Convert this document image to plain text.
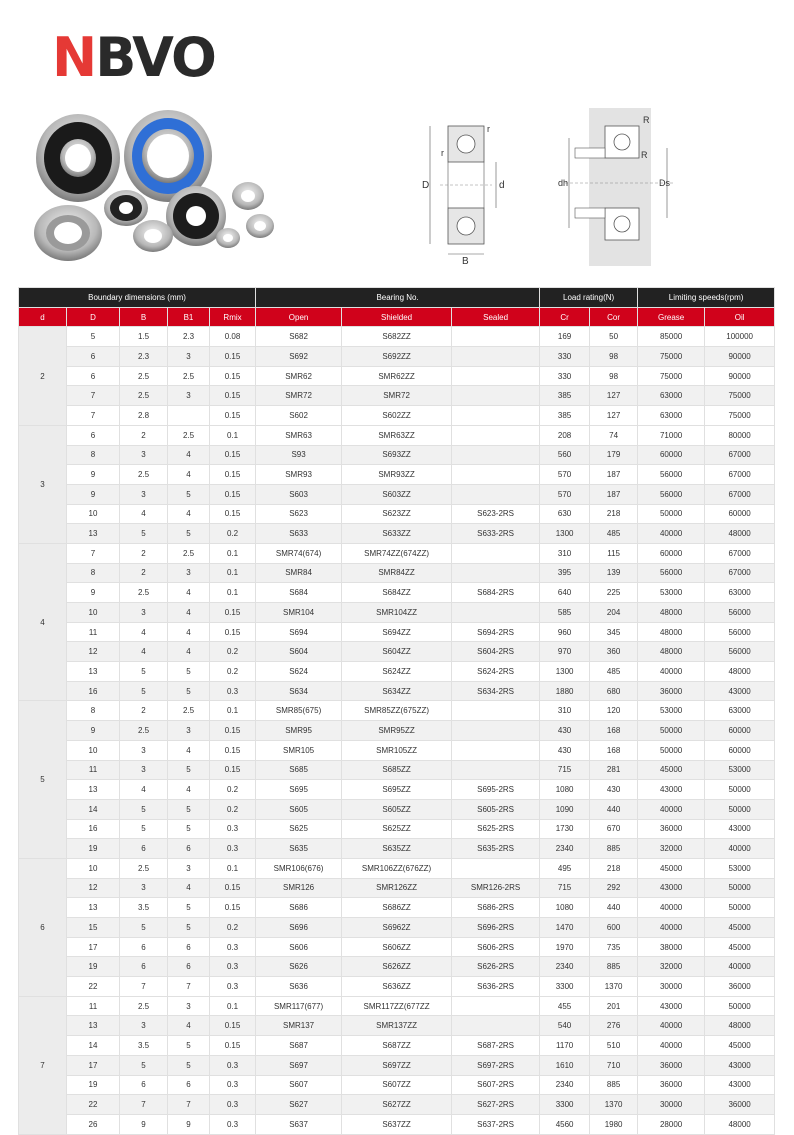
NBVO
D	d
B
r
r
dh	Ds
R
R
Boundary dimensions (mm)					Bearing No.			Load rating(N)		Limiting speeds(rpm)	
d	D	B	B1	Rmix	Open	Shielded	Sealed	Cr	Cor	Grease	Oil
2	5	1.5	2.3	0.08	S682	S682ZZ		169	50	85000	100000
	6	2.3	3	0.15	S692	S692ZZ		330	98	75000	90000
	6	2.5	2.5	0.15	SMR62	SMR62ZZ		330	98	75000	90000
	7	2.5	3	0.15	SMR72	SMR72		385	127	63000	75000
	7	2.8		0.15	S602	S602ZZ		385	127	63000	75000
3	6	2	2.5	0.1	SMR63	SMR63ZZ		208	74	71000	80000
	8	3	4	0.15	S93	S693ZZ		560	179	60000	67000
	9	2.5	4	0.15	SMR93	SMR93ZZ		570	187	56000	67000
	9	3	5	0.15	S603	S603ZZ		570	187	56000	67000
	10	4	4	0.15	S623	S623ZZ	S623-2RS	630	218	50000	60000
	13	5	5	0.2	S633	S633ZZ	S633-2RS	1300	485	40000	48000
4	7	2	2.5	0.1	SMR74(674)	SMR74ZZ(674ZZ)		310	115	60000	67000
	8	2	3	0.1	SMR84	SMR84ZZ		395	139	56000	67000
	9	2.5	4	0.1	S684	S684ZZ	S684-2RS	640	225	53000	63000
	10	3	4	0.15	SMR104	SMR104ZZ		585	204	48000	56000
	11	4	4	0.15	S694	S694ZZ	S694-2RS	960	345	48000	56000
	12	4	4	0.2	S604	S604ZZ	S604-2RS	970	360	48000	56000
	13	5	5	0.2	S624	S624ZZ	S624-2RS	1300	485	40000	48000
	16	5	5	0.3	S634	S634ZZ	S634-2RS	1880	680	36000	43000
5	8	2	2.5	0.1	SMR85(675)	SMR85ZZ(675ZZ)		310	120	53000	63000
	9	2.5	3	0.15	SMR95	SMR95ZZ		430	168	50000	60000
	10	3	4	0.15	SMR105	SMR105ZZ		430	168	50000	60000
	11	3	5	0.15	S685	S685ZZ		715	281	45000	53000
	13	4	4	0.2	S695	S695ZZ	S695-2RS	1080	430	43000	50000
	14	5	5	0.2	S605	S605ZZ	S605-2RS	1090	440	40000	50000
	16	5	5	0.3	S625	S625ZZ	S625-2RS	1730	670	36000	43000
	19	6	6	0.3	S635	S635ZZ	S635-2RS	2340	885	32000	40000
6	10	2.5	3	0.1	SMR106(676)	SMR106ZZ(676ZZ)		495	218	45000	53000
	12	3	4	0.15	SMR126	SMR126ZZ	SMR126-2RS	715	292	43000	50000
	13	3.5	5	0.15	S686	S686ZZ	S686-2RS	1080	440	40000	50000
	15	5	5	0.2	S696	S6962Z	S696-2RS	1470	600	40000	45000
	17	6	6	0.3	S606	S606ZZ	S606-2RS	1970	735	38000	45000
	19	6	6	0.3	S626	S626ZZ	S626-2RS	2340	885	32000	40000
	22	7	7	0.3	S636	S636ZZ	S636-2RS	3300	1370	30000	36000
7	11	2.5	3	0.1	SMR117(677)	SMR117ZZ(677ZZ		455	201	43000	50000
	13	3	4	0.15	SMR137	SMR137ZZ		540	276	40000	48000
	14	3.5	5	0.15	S687	S687ZZ	S687-2RS	1170	510	40000	45000
	17	5	5	0.3	S697	S697ZZ	S697-2RS	1610	710	36000	43000
	19	6	6	0.3	S607	S607ZZ	S607-2RS	2340	885	36000	43000
	22	7	7	0.3	S627	S627ZZ	S627-2RS	3300	1370	30000	36000
	26	9	9	0.3	S637	S637ZZ	S637-2RS	4560	1980	28000	48000
